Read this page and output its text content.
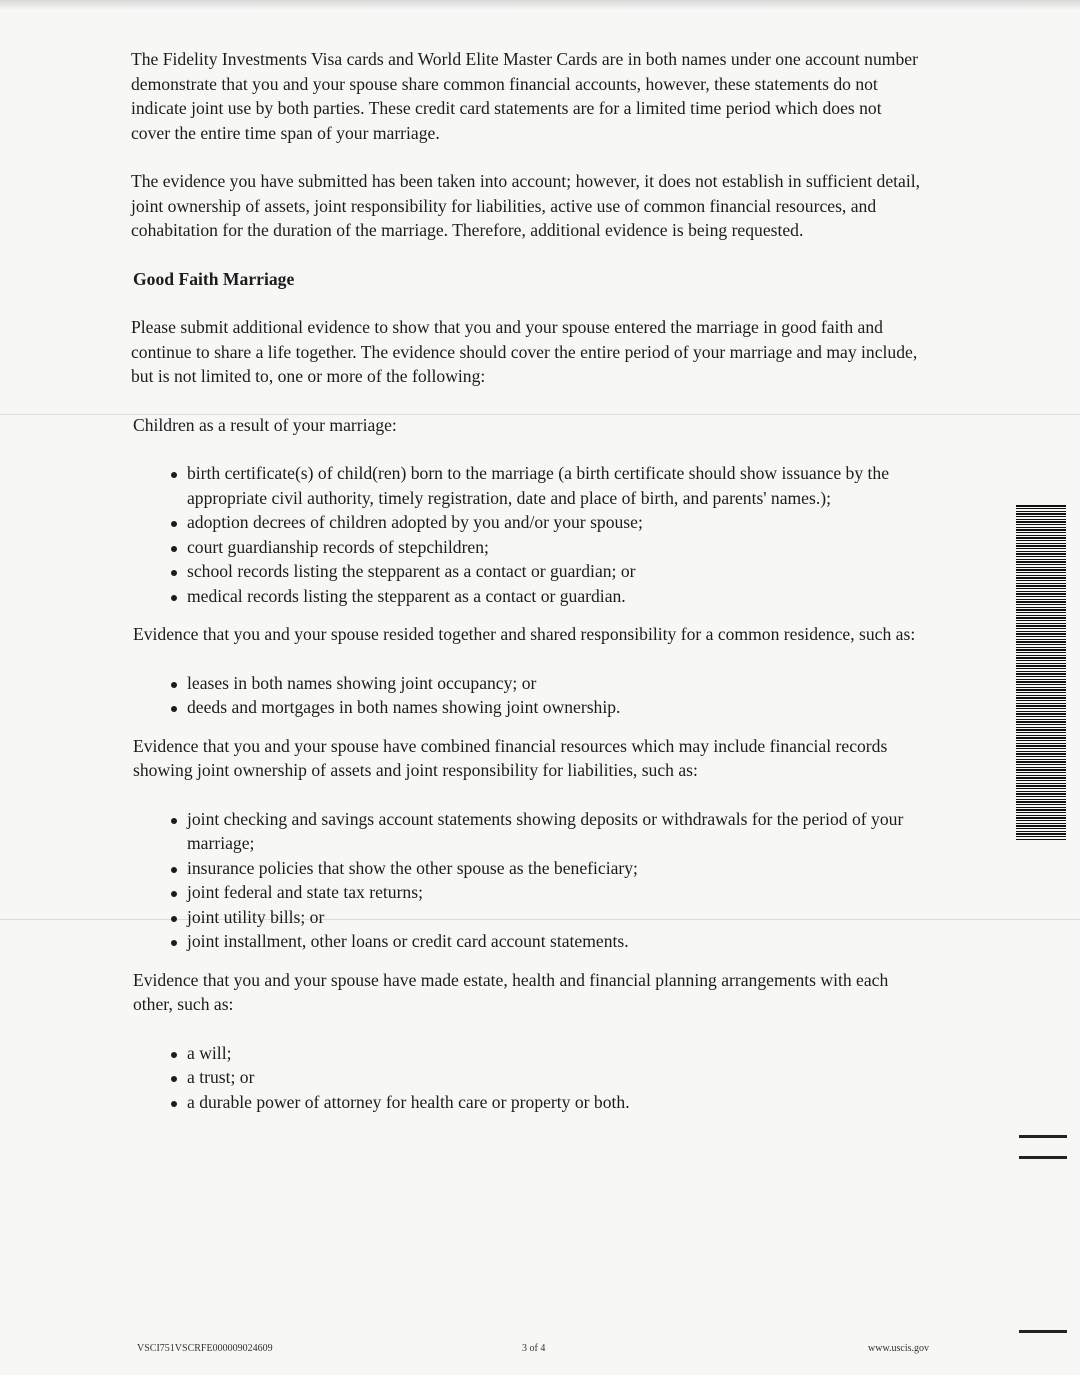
The Fidelity Investments Visa cards and World Elite Master Cards are in both names under one account number demonstrate that you and your spouse share common financial accounts, however, these statements do not indicate joint use by both parties. These credit card statements are for a limited time period which does not cover the entire time span of your marriage.

The evidence you have submitted has been taken into account; however, it does not establish in sufficient detail, joint ownership of assets, joint responsibility for liabilities, active use of common financial resources, and cohabitation for the duration of the marriage. Therefore, additional evidence is being requested.

Good Faith Marriage

Please submit additional evidence to show that you and your spouse entered the marriage in good faith and continue to share a life together. The evidence should cover the entire period of your marriage and may include, but is not limited to, one or more of the following:

Children as a result of your marriage:

birth certificate(s) of child(ren) born to the marriage (a birth certificate should show issuance by the appropriate civil authority, timely registration, date and place of birth, and parents' names.);
adoption decrees of children adopted by you and/or your spouse;
court guardianship records of stepchildren;
school records listing the stepparent as a contact or guardian; or
medical records listing the stepparent as a contact or guardian.

Evidence that you and your spouse resided together and shared responsibility for a common residence, such as:

leases in both names showing joint occupancy; or
deeds and mortgages in both names showing joint ownership.

Evidence that you and your spouse have combined financial resources which may include financial records showing joint ownership of assets and joint responsibility for liabilities, such as:

joint checking and savings account statements showing deposits or withdrawals for the period of your marriage;
insurance policies that show the other spouse as the beneficiary;
joint federal and state tax returns;
joint utility bills; or
joint installment, other loans or credit card account statements.

Evidence that you and your spouse have made estate, health and financial planning arrangements with each other, such as:

a will;
a trust; or
a durable power of attorney for health care or property or both.
VSCI751VSCRFE000009024609	3 of 4	www.uscis.gov
